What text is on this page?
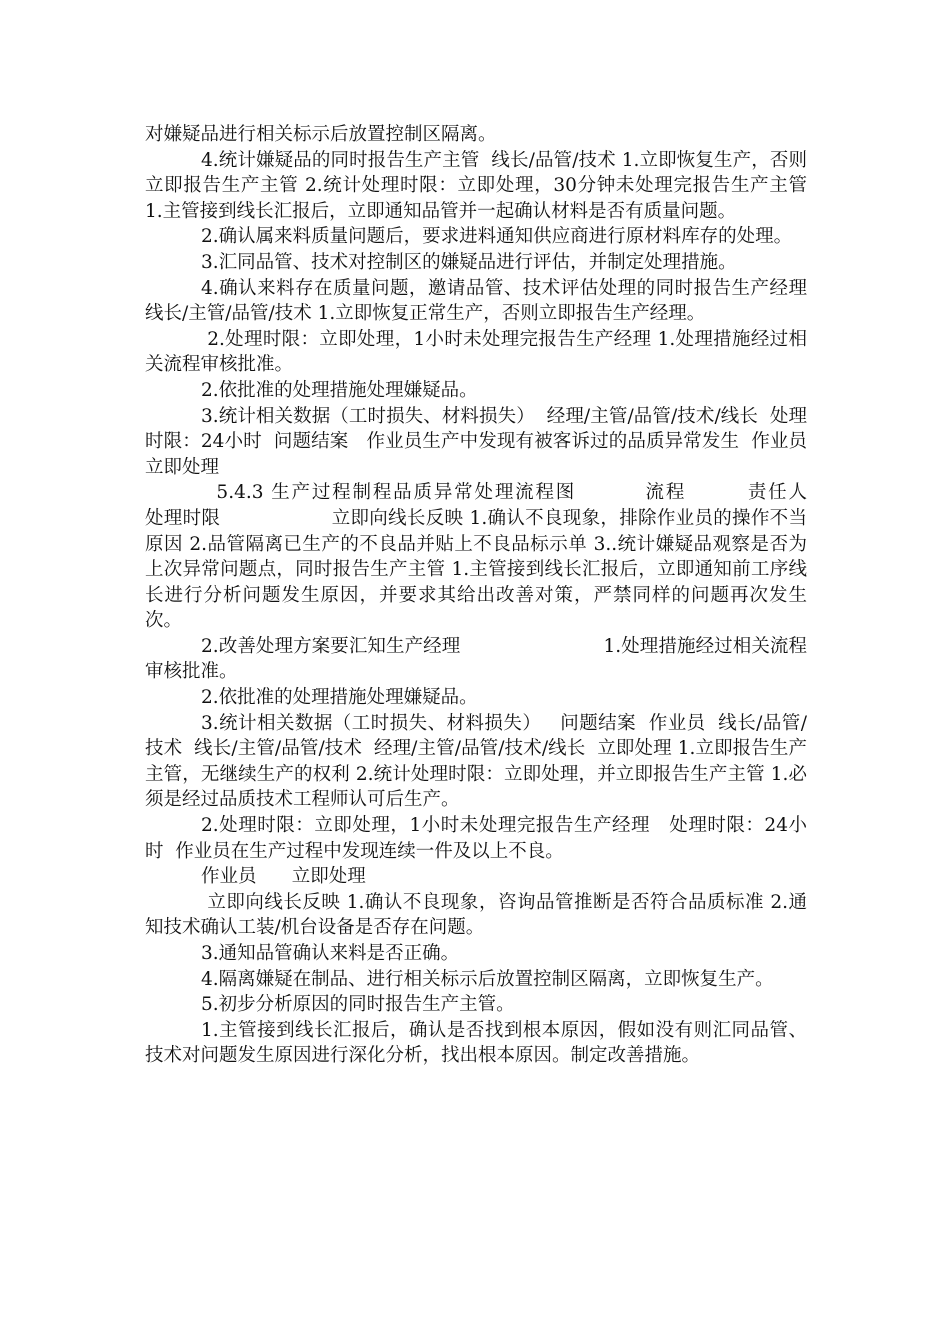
对嫌疑品进行相关标示后放置控制区隔离。

4.统计嫌疑品的同时报告生产主管  线长/品管/技术 1.立即恢复生产，否则立即报告生产主管 2.统计处理时限：立即处理，30分钟未处理完报告生产主管 1.主管接到线长汇报后，立即通知品管并一起确认材料是否有质量问题。

2.确认属来料质量问题后，要求进料通知供应商进行原材料库存的处理。

3.汇同品管、技术对控制区的嫌疑品进行评估，并制定处理措施。

4.确认来料存在质量问题，邀请品管、技术评估处理的同时报告生产经理  线长/主管/品管/技术 1.立即恢复正常生产，否则立即报告生产经理。

2.处理时限：立即处理，1小时未处理完报告生产经理 1.处理措施经过相关流程审核批准。

2.依批准的处理措施处理嫌疑品。

3.统计相关数据（工时损失、材料损失）  经理/主管/品管/技术/线长  处理时限：24小时  问题结案   作业员生产中发现有被客诉过的品质异常发生  作业员      立即处理

5.4.3 生产过程制程品质异常处理流程图         流程        责任人          处理时限                  立即向线长反映 1.确认不良现象，排除作业员的操作不当原因 2.品管隔离已生产的不良品并贴上不良品标示单 3..统计嫌疑品观察是否为上次异常问题点，同时报告生产主管 1.主管接到线长汇报后，立即通知前工序线长进行分析问题发生原因，并要求其给出改善对策，严禁同样的问题再次发生次。

2.改善处理方案要汇知生产经理                        1.处理措施经过相关流程审核批准。

2.依批准的处理措施处理嫌疑品。

3.统计相关数据（工时损失、材料损失）   问题结案  作业员  线长/品管/技术  线长/主管/品管/技术  经理/主管/品管/技术/线长  立即处理 1.立即报告生产主管，无继续生产的权利 2.统计处理时限：立即处理，并立即报告生产主管 1.必须是经过品质技术工程师认可后生产。

2.处理时限：立即处理，1小时未处理完报告生产经理   处理时限：24小时  作业员在生产过程中发现连续一件及以上不良。

作业员      立即处理

立即向线长反映 1.确认不良现象，咨询品管推断是否符合品质标准 2.通知技术确认工装/机台设备是否存在问题。

3.通知品管确认来料是否正确。

4.隔离嫌疑在制品、进行相关标示后放置控制区隔离，立即恢复生产。

5.初步分析原因的同时报告生产主管。

1.主管接到线长汇报后，确认是否找到根本原因，假如没有则汇同品管、技术对问题发生原因进行深化分析，找出根本原因。制定改善措施。
